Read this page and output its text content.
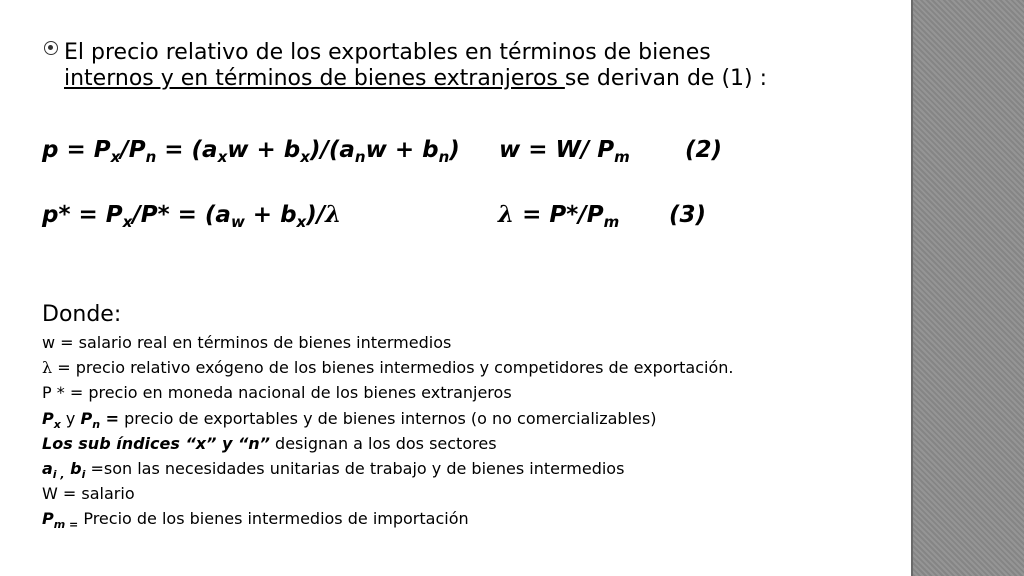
El precio relativo de los exportables en términos de bienes
internos y en términos de bienes extranjeros se derivan de (1) :
$p = P_x/P_n = (a_xw + b_x)/(a_nw + b_n) w = W/$ $P_m$ (2)
$p* = P_x/P* = (a_w + b_x)/\lambda$	$\lambda = P*/P_m$ (3)
Donde:
w = salario real en términos de bienes intermedios
λ = precio relativo exógeno de los bienes intermedios y competidores de exportación.
P * = precio en moneda nacional de los bienes extranjeros
$P_x$ y $P_n$ = precio de exportables y de bienes internos (o no comercializables)
Los sub índices “x” y “n” designan a los dos sectores
$a_{i ,}$ $b_i =son$ las necesidades unitarias de trabajo y de bienes intermedios
W = salario
$P_{m =}$ Precio de los bienes intermedios de importación
